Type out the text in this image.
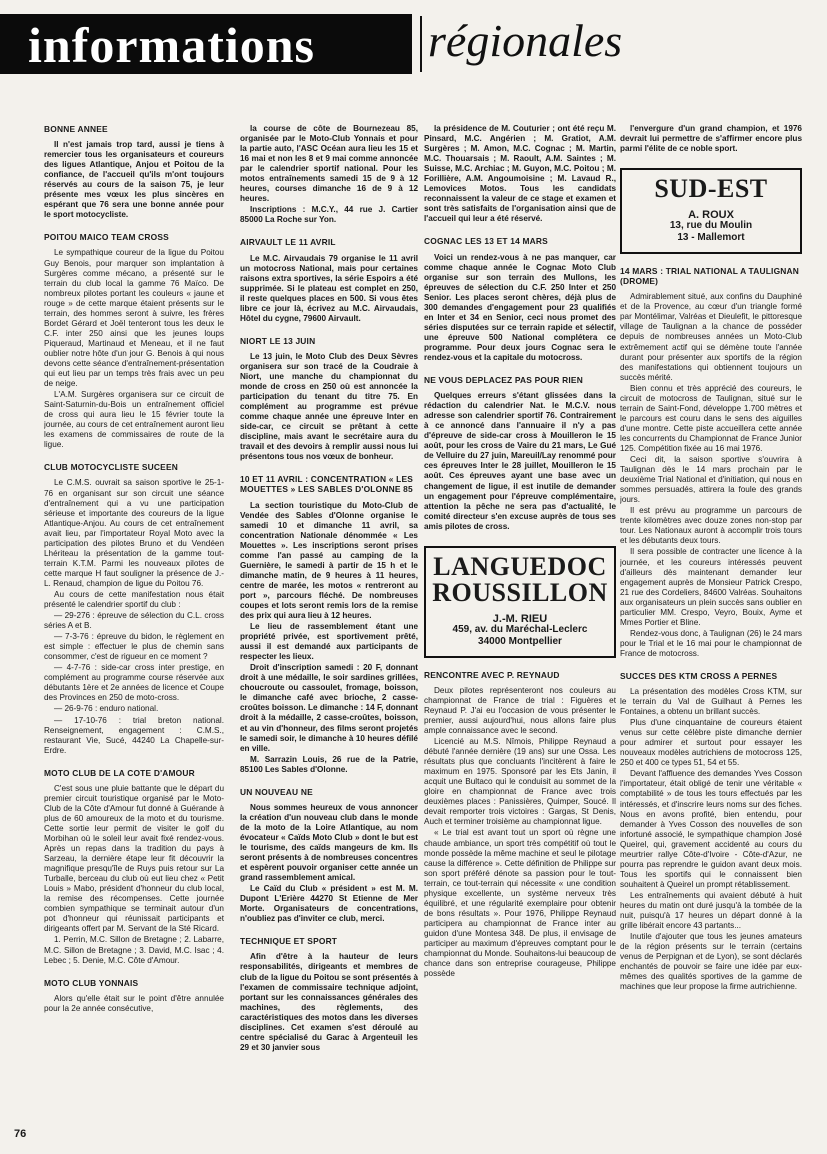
informations régionales
BONNE ANNEE

Il n'est jamais trop tard, aussi je tiens à remercier tous les organisateurs et coureurs des ligues Atlantique, Anjou et Poitou de la confiance, de l'accueil qu'ils m'ont toujours réservés au cours de la saison 75, je leur présente mes vœux les plus sincères en espérant que 76 sera une bonne année pour le sport motocycliste.

POITOU MAICO TEAM CROSS

Le sympathique coureur de la ligue du Poitou Guy Benois, pour marquer son implantation à Surgères comme mécano, a présenté sur le terrain du club local la gamme 76 Maïco. De nombreux pilotes portant les couleurs « jaune et rouge » de cette marque étaient présents sur le terrain, des hommes seront à suivre, les frères Bordet Gérard et Joël tenteront tous les deux le C.F. inter 250 ainsi que les jeunes loups Piqueraud, Martinaud et Meneau, et il ne faut oublier notre hôte d'un jour G. Benois à qui nous devons cette séance d'entraînement-présentation qui eut lieu par un temps très frais avec un peu de neige.

L'A.M. Surgères organisera sur ce circuit de Saint-Saturnin-du-Bois un entraînement officiel de cross qui aura lieu le 15 février toute la journée, au cours de cet entraînement auront lieu les examens de commissaires de route de la ligue.

CLUB MOTOCYCLISTE SUCEEN

Le C.M.S. ouvrait sa saison sportive le 25-1-76 en organisant sur son circuit une séance d'entraînement qui a vu une participation sérieuse et importante des coureurs de la ligue Atlantique-Anjou. Au cours de cet entraînement avait lieu, par l'importateur Royal Moto avec la participation des pilotes Bruno et du Vendéen Lhériteau la présentation de la gamme tout-terrain K.T.M. Parmi les nouveaux pilotes de cette marque H faut souligner la présence de J.-L. Renaud, champion de ligue du Poitou 76.

Au cours de cette manifestation nous était présenté le calendrier sportif du club :

— 29-276 : épreuve de sélection du C.L. cross séries A et B.

— 7-3-76 : épreuve du bidon, le règlement en est simple : effectuer le plus de chemin sans consommer, c'est de rigueur en ce moment ?

— 4-7-76 : side-car cross inter prestige, en complément au programme course réservée aux débutants 1ère et 2e années de licence et Coupe des Provinces en 250 de moto-cross.

— 26-9-76 : enduro national.

— 17-10-76 : trial breton national. Renseignement, engagement : C.M.S., restaurant Vie, Sucé, 44240 La Chapelle-sur-Erdre.

MOTO CLUB DE LA COTE D'AMOUR

C'est sous une pluie battante que le départ du premier circuit touristique organisé par le Moto-Club de la Côte d'Amour fut donné à Guérande à plus de 60 amoureux de la moto et du tourisme. Cette sortie leur permit de visiter le golf du Morbihan où le soleil leur avait fixé rendez-vous. Après un repas dans la tradition du pays à Sarzeau, la dernière étape leur fit découvrir la magnifique presqu'île de Ruys puis retour sur La Turballe, berceau du club où eut lieu chez « Petit Louis » Mabo, président d'honneur du club local, la remise des récompenses. Cette journée combien sympathique se terminait autour d'un pot d'honneur qui réunissait participants et dirigeants offert par M. Servant de la Sté Ricard.

1. Perrin, M.C. Sillon de Bretagne ; 2. Labarre, M.C. Sillon de Bretagne ; 3. David, M.C. Isac ; 4. Lebec ; 5. Denie, M.C. Côte d'Amour.

MOTO CLUB YONNAIS

Alors qu'elle était sur le point d'être annulée pour la 2e année consécutive,

la course de côte de Bournezeau 85, organisée par le Moto-Club Yonnais et pour la partie auto, l'ASC Océan aura lieu les 15 et 16 mai et non les 8 et 9 mai comme annoncée par le calendrier sportif national. Pour les motos entraînements samedi 15 de 9 à 12 heures, courses dimanche 16 de 9 à 12 heures.

Inscriptions : M.C.Y., 44 rue J. Cartier 85000 La Roche sur Yon.

AIRVAULT LE 11 AVRIL

Le M.C. Airvaudais 79 organise le 11 avril un motocross National, mais pour certaines raisons extra sportives, la série Espoirs a été supprimée. Si le plateau est complet en 250, il reste quelques places en 500. Si vous êtes libre ce jour là, écrivez au M.C. Airvaudais, Hôtel du cygne, 79600 Airvault.

NIORT LE 13 JUIN

Le 13 juin, le Moto Club des Deux Sèvres organisera sur son tracé de la Coudraie à Niort, une manche du championnat du monde de cross en 250 où est annoncée la participation du tenant du titre 75. En complément au programme est prévue comme chaque année une épreuve Inter en side-car, ce circuit se prêtant à cette discipline, mais avant le secrétaire aura du travail et des devoirs à remplir aussi nous lui présentons tous nos vœux de bonheur.

10 ET 11 AVRIL : CONCENTRATION « LES MOUETTES » LES SABLES D'OLONNE 85

La section touristique du Moto-Club de Vendée des Sables d'Olonne organise le samedi 10 et dimanche 11 avril, sa concentration Nationale dénommée « Les Mouettes ». Les inscriptions seront prises comme l'an passé au camping de la Guernière, le samedi à partir de 15 h et le dimanche matin, de 9 heures à 11 heures, centre de marée, les motos « rentreront au port », parcours fléché. De nombreuses coupes et lots seront remis lors de la remise des prix qui aura lieu à 12 heures.

Le lieu de rassemblement étant une propriété privée, est sportivement prêté, aussi il est demandé aux participants de respecter les lieux.

Droit d'inscription samedi : 20 F, donnant droit à une médaille, le soir sardines grillées, choucroute ou cassoulet, fromage, boisson, le dimanche café avec brioche, 2 casse-croûtes boisson. Le dimanche : 14 F, donnant droit à la médaille, 2 casse-croûtes, boisson, et au vin d'honneur, des films seront projetés le samedi soir, le dimanche à 10 heures défilé en ville.

M. Sarrazin Louis, 26 rue de la Patrie, 85100 Les Sables d'Olonne.

UN NOUVEAU NE

Nous sommes heureux de vous annoncer la création d'un nouveau club dans le monde de la moto de la Loire Atlantique, au nom évocateur « Caïds Moto Club » dont le but est le tourisme, des caïds mangeurs de km. Ils seront présents à de nombreuses concentres et espèrent pouvoir organiser cette année un grand rassemblement amical.

Le Caïd du Club « président » est M. M. Dupont L'Erière 44270 St Etienne de Mer Morte. Organisateurs de concentrations, n'oubliez pas d'inviter ce club, merci.

TECHNIQUE ET SPORT

Afin d'être à la hauteur de leurs responsabilités, dirigeants et membres de club de la ligue du Poitou se sont présentés à l'examen de commissaire technique adjoint, portant sur les connaissances générales des machines, des règlements, des caractéristiques des motos dans les diverses disciplines. Cet examen s'est déroulé au centre spécialisé du Garac à Argenteuil les 29 et 30 janvier sous

la présidence de M. Couturier ; ont été reçu M. Pinsard, M.C. Angérien ; M. Gratiot, A.M. Surgères ; M. Amon, M.C. Cognac ; M. Martin, M.C. Thouarsais ; M. Raoult, A.M. Saintes ; M. Suisse, M.C. Archiac ; M. Guyon, M.C. Poitou ; M. Forillière, A.M. Angoumoisine ; M. Lavaud R., Lemovices Motos. Tous les candidats reconnaissent la valeur de ce stage et examen et sont très satisfaits de l'organisation ainsi que de l'accueil qui leur a été réservé.

COGNAC LES 13 ET 14 MARS

Voici un rendez-vous à ne pas manquer, car comme chaque année le Cognac Moto Club organise sur son terrain des Mullons, les épreuves de sélection du C.F. 250 Inter et 250 Senior. Les places seront chères, déjà plus de 300 demandes d'engagement pour 23 qualifiés en Inter et 34 en Senior, ceci nous promet des séries disputées sur ce terrain rapide et sélectif, une épreuve 500 National complétera ce programme. Pour deux jours Cognac sera le rendez-vous et la capitale du motocross.

NE VOUS DEPLACEZ PAS POUR RIEN

Quelques erreurs s'étant glissées dans la rédaction du calendrier Nat. le M.C.V. nous adresse son calendrier sportif 76. Contrairement à ce annoncé dans l'annuaire il n'y a pas d'épreuve de side-car cross à Mouilleron le 15 août, pour les cross de Vaire du 21 mars, Le Gué de Velluire du 27 juin, Mareuil/Lay renommé pour ces épreuves Inter le 28 juillet, Mouilleron le 15 août. Ces épreuves ayant une base avec un changement de ligue, il est inutile de demander un engagement pour l'épreuve complémentaire, attention la pêche ne sera pas d'actualité, le comité directeur s'en excuse auprès de tous ses amis pilotes de cross.

LANGUEDOC
ROUSSILLON
J.-M. RIEU
459, av. du Maréchal-Leclerc
34000 Montpellier
RENCONTRE AVEC P. REYNAUD

Deux pilotes représenteront nos couleurs au championnat de France de trial : Figuères et Reynaud P. J'ai eu l'occasion de vous présenter le premier, aussi aujourd'hui, nous allons faire plus ample connaissance avec le second.

Licencié au M.S. Nîmois, Philippe Reynaud a débuté l'année dernière (19 ans) sur une Ossa. Les résultats plus que concluants l'incitèrent à faire le maximum en 1975. Sponsoré par les Ets Janin, il acquit une Bultaco qui le conduisit au sommet de la gloire en championnat de France avec trois deuxièmes places : Panissières, Quimper, Soucé. Il devait remporter trois victoires : Gargas, St Denis, Auch et terminer troisième au championnat ligue.

« Le trial est avant tout un sport où règne une chaude ambiance, un sport très compétitif où tout le monde possède la même machine et seul le pilotage cause la différence ». Cette définition de Philippe sur son sport préféré dénote sa passion pour le tout-terrain, ce tout-terrain qui nécessite « une condition physique excellente, un système nerveux très équilibré, et une régularité exemplaire pour obtenir de bons résultats ». Pour 1976, Philippe Reynaud participera au championnat de France inter au guidon d'une Montesa 348. De plus, il envisage de participer au maximum d'épreuves comptant pour le championnat du Monde. Souhaitons-lui beaucoup de chance dans son entreprise courageuse, Philippe possède

l'envergure d'un grand champion, et 1976 devrait lui permettre de s'affirmer encore plus parmi l'élite de ce noble sport.

SUD-EST
A. ROUX
13, rue du Moulin
13 - Mallemort
14 MARS : TRIAL NATIONAL A TAULIGNAN (DROME)

Admirablement situé, aux confins du Dauphiné et de la Provence, au cœur d'un triangle formé par Montélimar, Valréas et Dieulefit, le pittoresque village de Taulignan a la chance de posséder depuis de nombreuses années un Moto-Club extrêmement actif qui se démène toute l'année durant pour présenter aux sportifs de la région des manifestations qui obtiennent toujours un succès mérité.

Bien connu et très apprécié des coureurs, le circuit de motocross de Taulignan, situé sur le terrain de Saint-Fond, développe 1.700 mètres et le parcours est couru dans le sens des aiguilles d'une montre. Cette piste accueillera cette année les concurrents du Championnat de France Junior 125. Compétition fixée au 16 mai 1976.

Ceci dit, la saison sportive s'ouvrira à Taulignan dès le 14 mars prochain par le deuxième Trial National et d'initiation, qui nous en sommes persuadés, attirera la foule des grands jours.

Il est prévu au programme un parcours de trente kilomètres avec douze zones non-stop par tour. Les Nationaux auront à accomplir trois tours et les débutants deux tours.

Il sera possible de contracter une licence à la journée, et les coureurs intéressés peuvent d'ailleurs dès maintenant demander leur engagement auprès de Monsieur Patrick Crespo, 21 rue des Cordeliers, 84600 Valréas. Souhaitons aux organisateurs un plein succès sans oublier en particulier MM. Crespo, Veyro, Bouix, Ayme et Mmes Portier et Bline.

Rendez-vous donc, à Taulignan (26) le 24 mars pour le Trial et le 16 mai pour le championnat de France de motocross.

SUCCES DES KTM CROSS A PERNES

La présentation des modèles Cross KTM, sur le terrain du Val de Guilhaut à Pernes les Fontaines, a obtenu un brillant succès.

Plus d'une cinquantaine de coureurs étaient venus sur cette célèbre piste dimanche dernier pour admirer et surtout pour essayer les nouveaux modèles autrichiens de motocross 125, 250 et 400 ce types 51, 54 et 55.

Devant l'affluence des demandes Yves Cosson l'importateur, était obligé de tenir une véritable « comptabilité » de tous les tours effectués par les intéressés, et d'inscrire leurs noms sur des fiches. Nous en avons profité, bien entendu, pour demander à Yves Cosson des nouvelles de son infortuné associé, le sympathique champion José Queirel, qui, gravement accidenté au cours du meurtrier rallye Côte-d'Ivoire - Côte-d'Azur, ne pourra pas reprendre le guidon avant deux mois. Tous les sportifs qui le connaissent bien souhaitent à Queirel un prompt rétablissement.

Les entraînements qui avaient débuté à huit heures du matin ont duré jusqu'à la tombée de la nuit, puisqu'à 17 heures un départ donné à la grille libérait encore 43 partants...

Inutile d'ajouter que tous les jeunes amateurs de la région présents sur le terrain (certains venus de Perpignan et de Lyon), se sont déclarés enchantés de pouvoir se faire une idée par eux-mêmes des qualités sportives de la gamme de machines que leur propose la firme autrichienne.

76
